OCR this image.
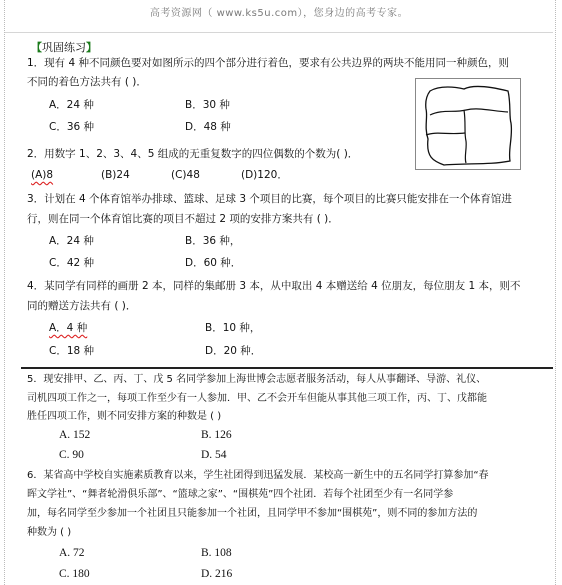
高考资源网（ www.ks5u.com），您身边的高考专家。
【巩固练习】
1．现有 4 种不同颜色要对如图所示的四个部分进行着色，要求有公共边界的两块不能用同一种颜色，则
不同的着色方法共有 ( )．
A．24 种	B．30 种
C．36 种	D．48 种
2．用数字 1、2、3、4、5 组成的无重复数字的四位偶数的个数为( )．
(A)8	(B)24	(C)48	(D)120．
3．计划在 4 个体育馆举办排球、篮球、足球 3 个项目的比赛，每个项目的比赛只能安排在一个体育馆进
行，则在同一个体育馆比赛的项目不超过 2 项的安排方案共有 ( )．
A．24 种	B．36 种，
C．42 种	D．60 种．
4．某同学有同样的画册 2 本，同样的集邮册 3 本，从中取出 4 本赠送给 4 位朋友，每位朋友 1 本，则不
同的赠送方法共有 ( )．
A．4 种	B．10 种，
C．18 种	D．20 种．
5．现安排甲、乙、丙、丁、戊 5 名同学参加上海世博会志愿者服务活动，每人从事翻译、导游、礼仪、
司机四项工作之一，每项工作至少有一人参加．甲、乙不会开车但能从事其他三项工作，丙、丁、戊都能
胜任四项工作，则不同安排方案的种数是 ( )
A. 152	B. 126
C. 90	D. 54
6．某省高中学校自实施素质教育以来，学生社团得到迅猛发展．某校高一新生中的五名同学打算参加“春
晖文学社”、“舞者轮滑俱乐部”、“篮球之家”、“围棋苑”四个社团．若每个社团至少有一名同学参
加，每名同学至少参加一个社团且只能参加一个社团，且同学甲不参加“围棋苑”，则不同的参加方法的
种数为 ( )
A. 72	B. 108
C. 180	D. 216
